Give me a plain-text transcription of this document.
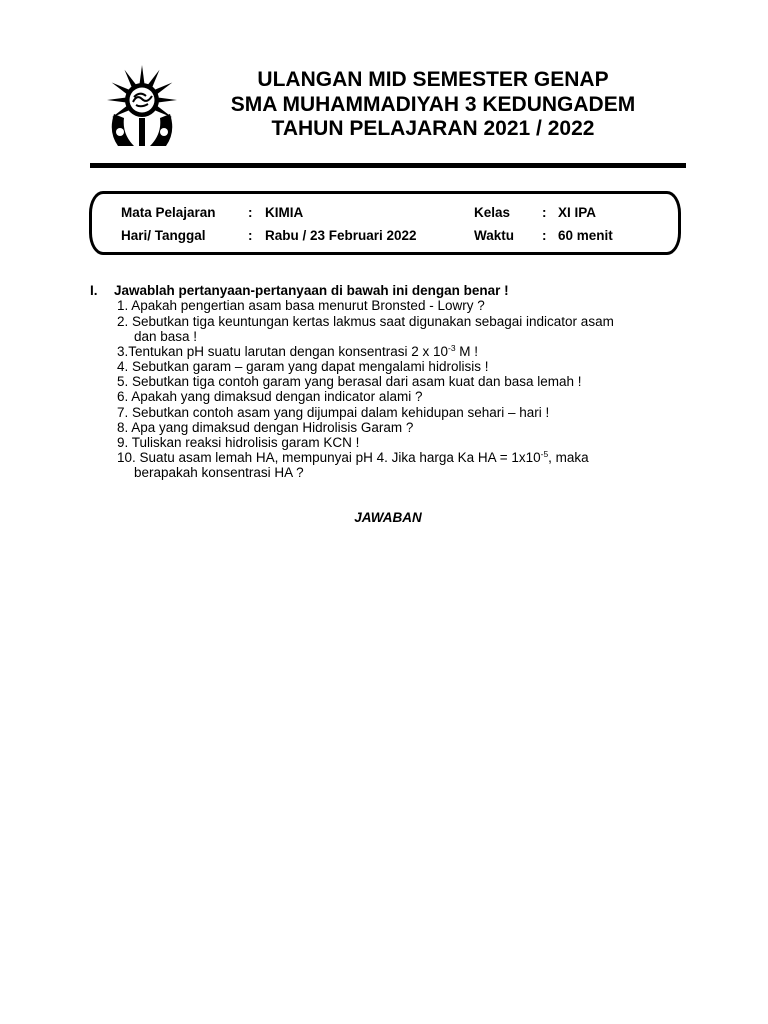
ULANGAN MID SEMESTER GENAP
SMA MUHAMMADIYAH 3 KEDUNGADEM
TAHUN PELAJARAN 2021 / 2022
Mata Pelajaran : KIMIA	Kelas : XI IPA
Hari/ Tanggal	: Rabu / 23 Februari 2022	Waktu : 60 menit
I. Jawablah pertanyaan-pertanyaan di bawah ini dengan benar !
1. Apakah pengertian asam basa menurut Bronsted - Lowry ?
2. Sebutkan tiga keuntungan kertas lakmus saat digunakan sebagai indicator asam
dan basa !
3.Tentukan pH suatu larutan dengan konsentrasi 2 x $10^{-3}$ M !
4. Sebutkan garam – garam yang dapat mengalami hidrolisis !
5. Sebutkan tiga contoh garam yang berasal dari asam kuat dan basa lemah !
6. Apakah yang dimaksud dengan indicator alami ?
7. Sebutkan contoh asam yang dijumpai dalam kehidupan sehari – hari !
8. Apa yang dimaksud dengan Hidrolisis Garam ?
9. Tuliskan reaksi hidrolisis garam KCN !
10. Suatu asam lemah HA, mempunyai pH 4. Jika harga Ka HA = $1x10^{-5}$, maka
berapakah konsentrasi HA ?
JAWABAN
